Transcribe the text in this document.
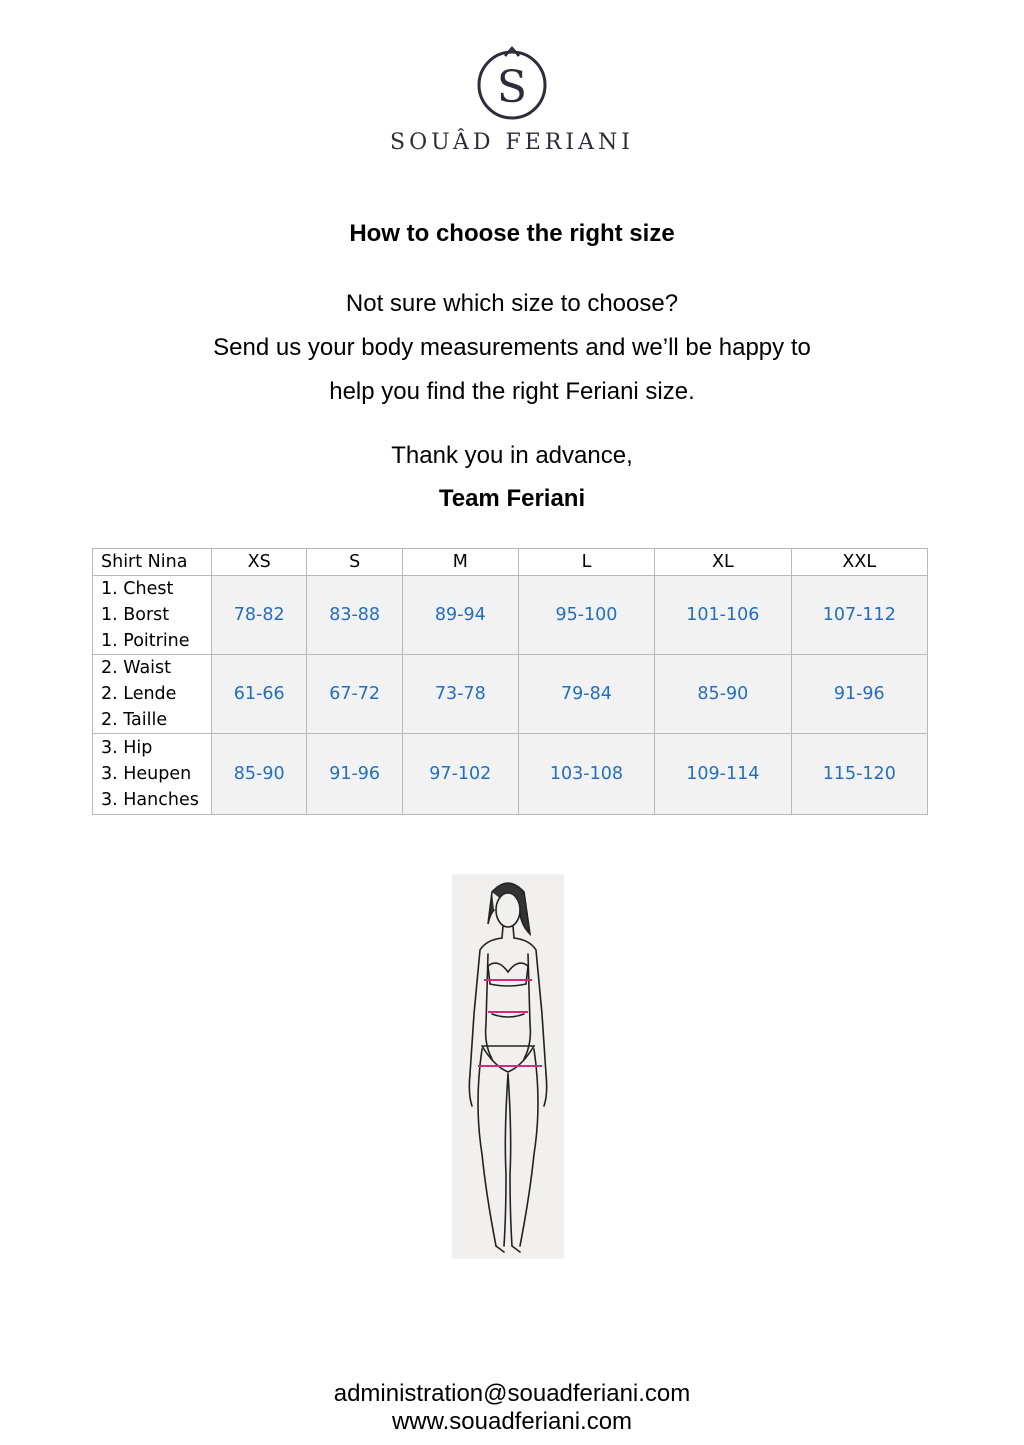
S
SOUÂD FERIANI
How to choose the right size
Not sure which size to choose?
Send us your body measurements and we’ll be happy to
help you find the right Feriani size.
Thank you in advance,
Team Feriani
Shirt Nina	XS	S	M	L	XL	XXL

1. Chest
1. Borst
1. Poitrine	78-82	83-88	89-94	95-100	101-106	107-112

2. Waist
2. Lende
2. Taille	61-66	67-72	73-78	79-84	85-90	91-96

3. Hip
3. Heupen
3. Hanches	85-90	91-96	97-102	103-108	109-114	115-120
administration@souadferiani.com
www.souadferiani.com
